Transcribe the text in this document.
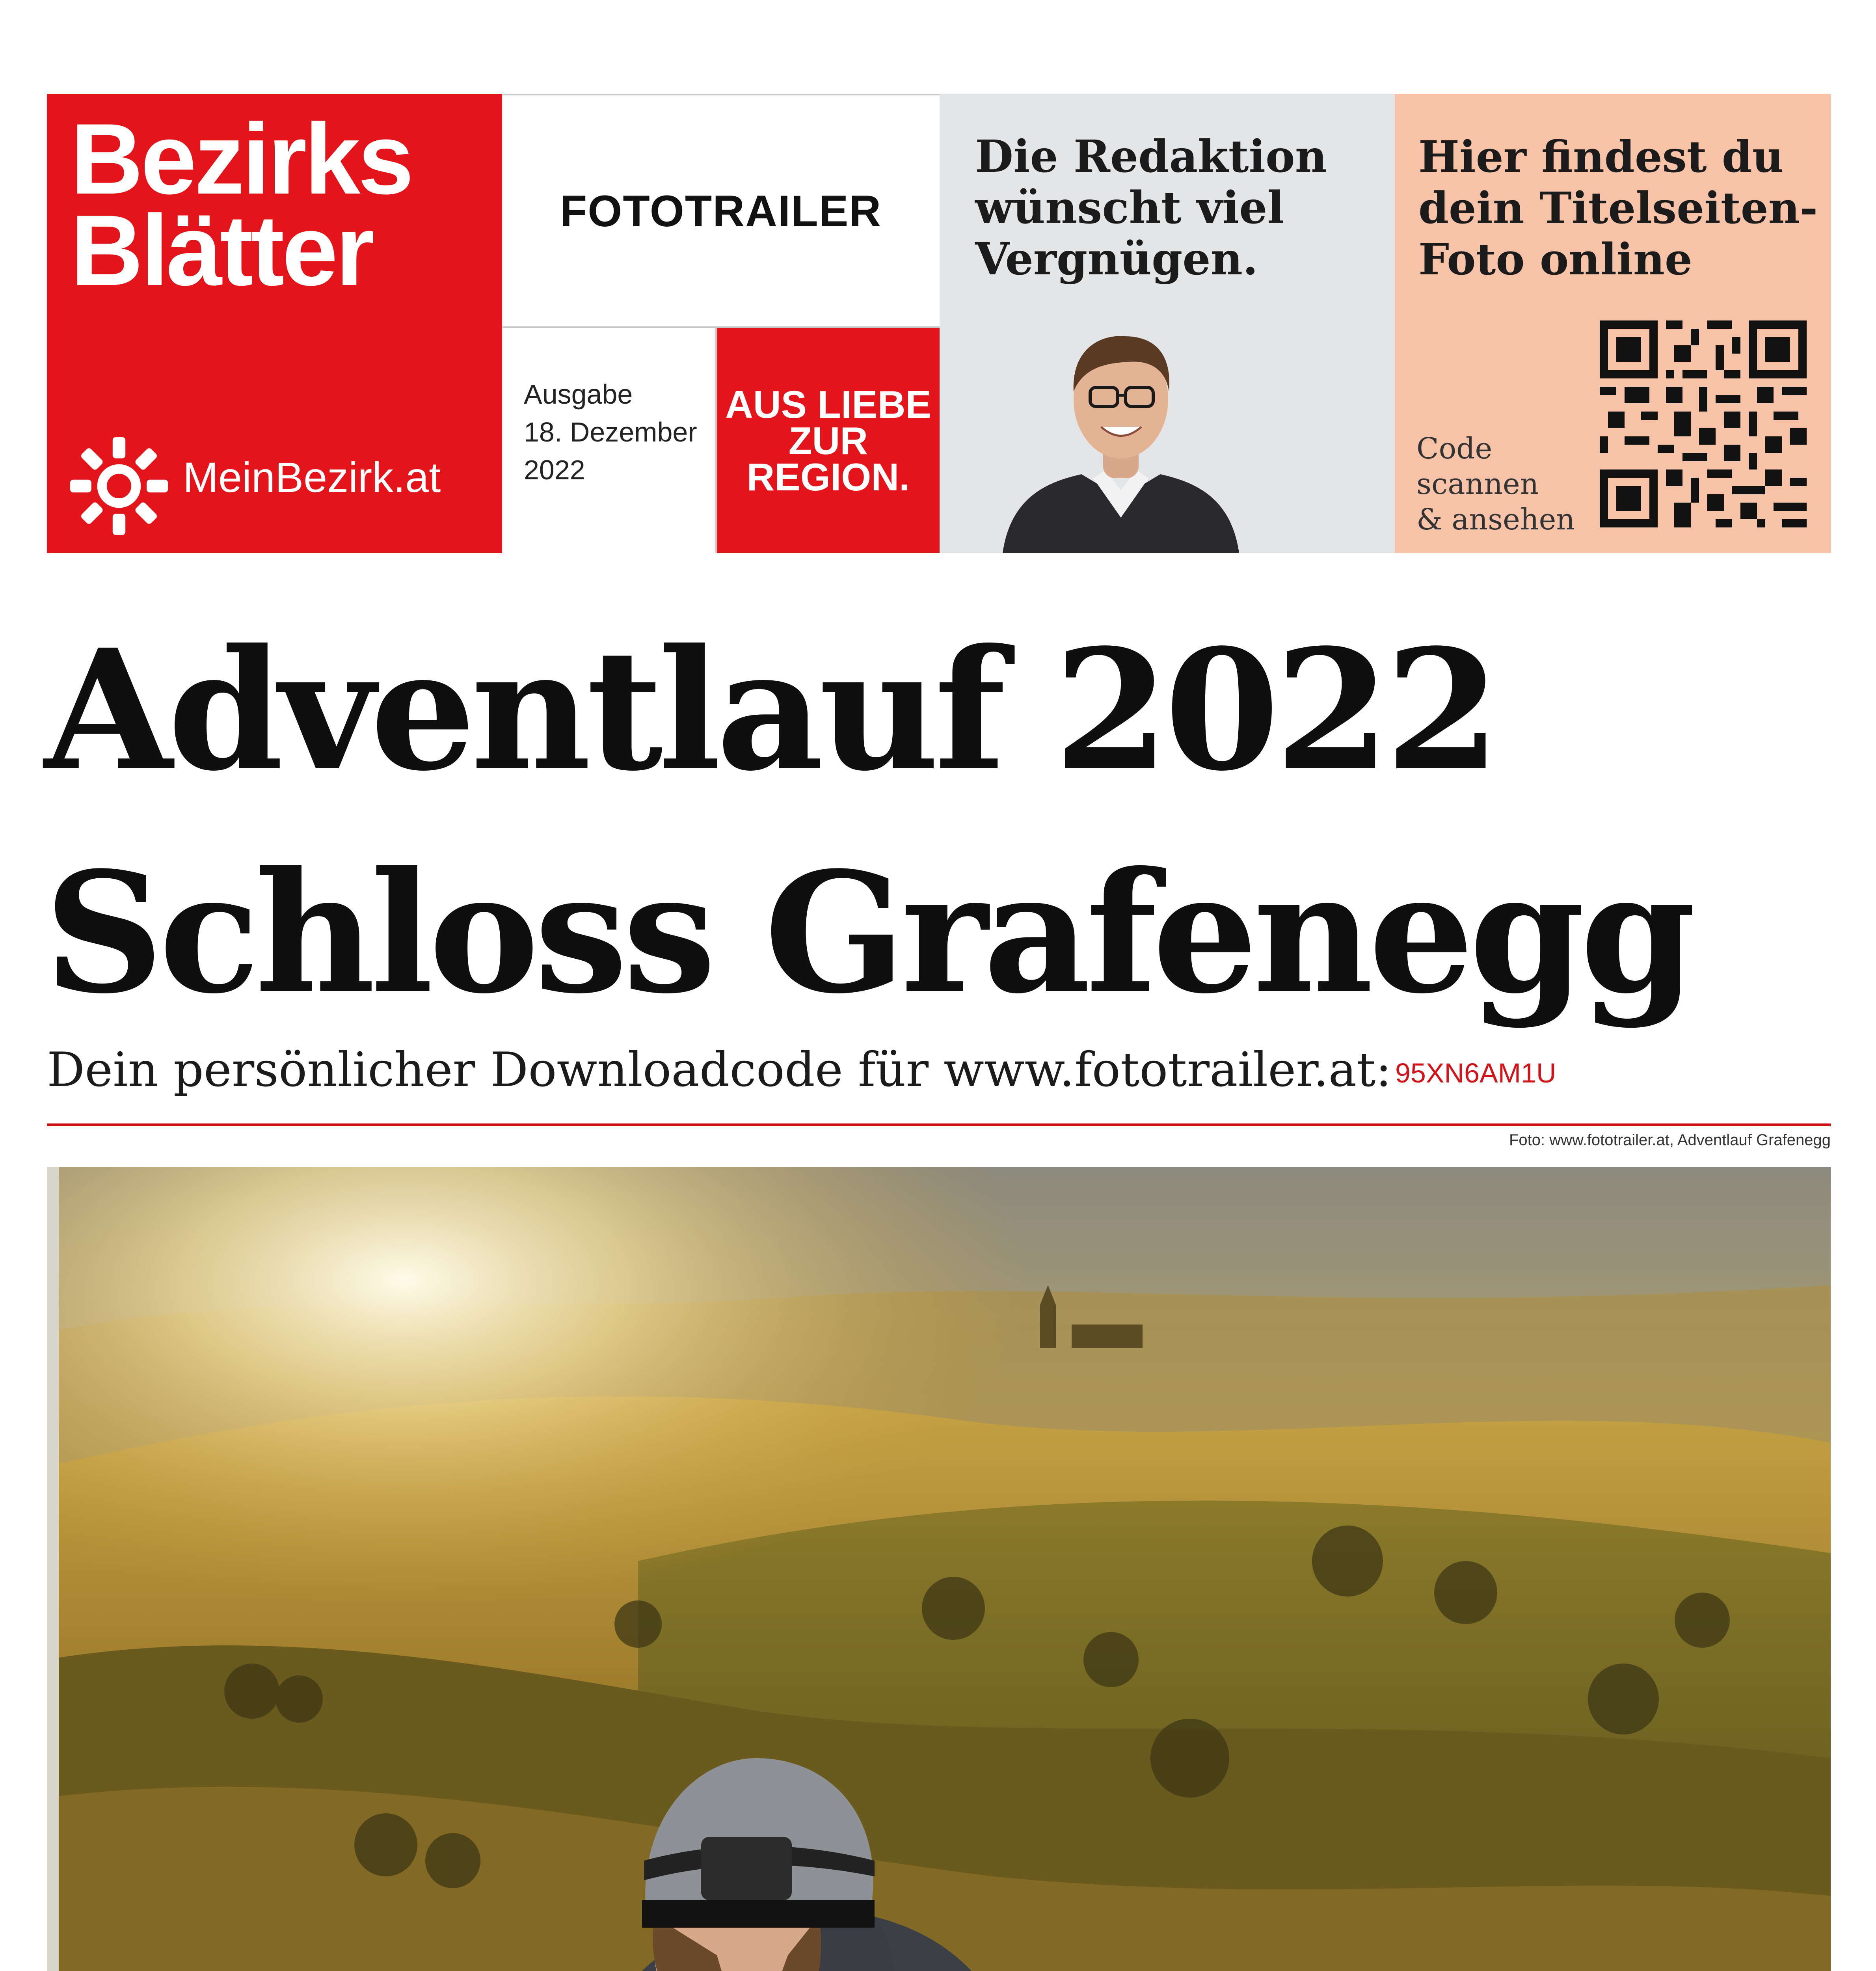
Bezirks
Blätter
MeinBezirk.at
FOTOTRAILER
Ausgabe
18. Dezember
2022
AUS LIEBE
ZUR
REGION.
Die Redaktion
wünscht viel
Vergnügen.
Hier findest du
dein Titelseiten-
Foto online
Code
scannen
& ansehen
Adventlauf 2022
Schloss Grafenegg
Dein persönlicher Downloadcode für www.fototrailer.at: 95XN6AM1U
Foto: www.fototrailer.at, Adventlauf Grafenegg
